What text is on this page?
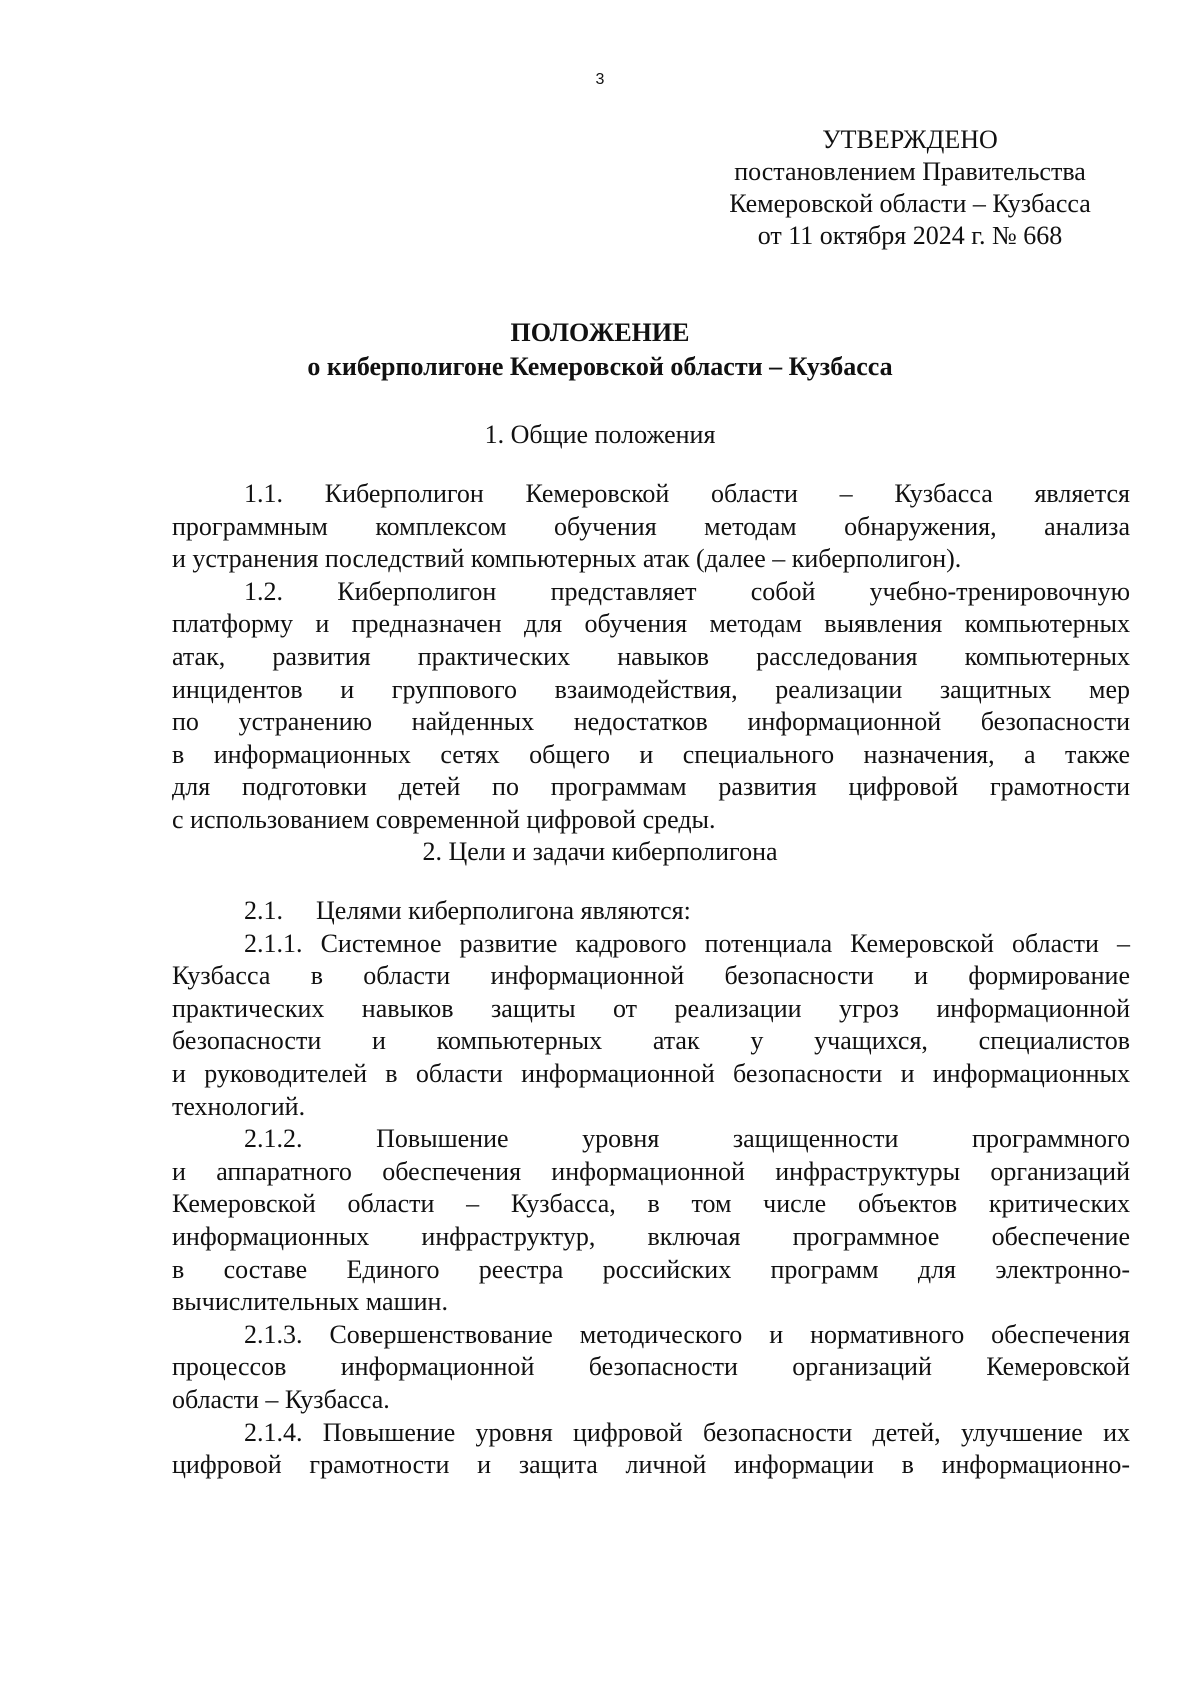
3
УТВЕРЖДЕНО
постановлением Правительства
Кемеровской области – Кузбасса
от 11 октября 2024 г. № 668
ПОЛОЖЕНИЕ
о киберполигоне Кемеровской области – Кузбасса
1. Общие положения

1.1. Киберполигон Кемеровской области – Кузбасса является
программным комплексом обучения методам обнаружения, анализа
и устранения последствий компьютерных атак (далее – киберполигон).

1.2. Киберполигон представляет собой учебно-тренировочную
платформу и предназначен для обучения методам выявления компьютерных
атак, развития практических навыков расследования компьютерных
инцидентов и группового взаимодействия, реализации защитных мер
по устранению найденных недостатков информационной безопасности
в информационных сетях общего и специального назначения, а также
для подготовки детей по программам развития цифровой грамотности
с использованием современной цифровой среды.

2. Цели и задачи киберполигона

2.1. Целями киберполигона являются:

2.1.1. Системное развитие кадрового потенциала Кемеровской области –
Кузбасса в области информационной безопасности и формирование
практических навыков защиты от реализации угроз информационной
безопасности и компьютерных атак у учащихся, специалистов
и руководителей в области информационной безопасности и информационных
технологий.

2.1.2. Повышение уровня защищенности программного
и аппаратного обеспечения информационной инфраструктуры организаций
Кемеровской области – Кузбасса, в том числе объектов критических
информационных инфраструктур, включая программное обеспечение
в составе Единого реестра российских программ для электронно-
вычислительных машин.

2.1.3. Совершенствование методического и нормативного обеспечения
процессов информационной безопасности организаций Кемеровской
области – Кузбасса.

2.1.4. Повышение уровня цифровой безопасности детей, улучшение их
цифровой грамотности и защита личной информации в информационно-
